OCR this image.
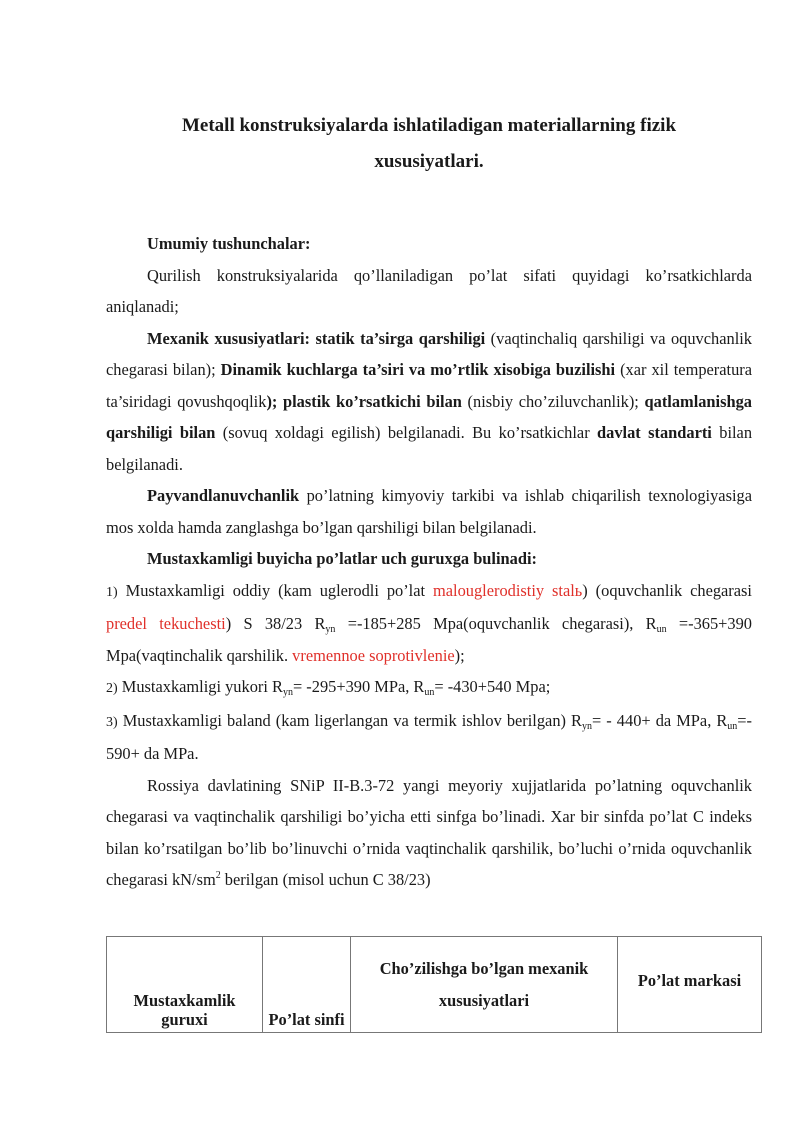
Metall konstruksiyalarda ishlatiladigan materiallarning fizik

xususiyatlari.

Umumiy tushunchalar:

Qurilish konstruksiyalarida qo’llaniladigan po’lat sifati quyidagi ko’rsatkichlarda aniqlanadi;

Mexanik xususiyatlari: statik ta’sirga qarshiligi (vaqtinchaliq qarshiligi va oquvchanlik chegarasi bilan); Dinamik kuchlarga ta’siri va mo’rtlik xisobiga buzilishi (xar xil temperatura ta’siridagi qovushqoqlik); plastik ko’rsatkichi bilan (nisbiy cho’ziluvchanlik); qatlamlanishga qarshiligi bilan (sovuq xoldagi egilish) belgilanadi. Bu ko’rsatkichlar davlat standarti bilan belgilanadi.

Payvandlanuvchanlik po’latning kimyoviy tarkibi va ishlab chiqarilish texnologiyasiga mos xolda hamda zanglashga bo’lgan qarshiligi bilan belgilanadi.

Mustaxkamligi buyicha po’latlar uch guruxga bulinadi:

1) Mustaxkamligi oddiy (kam uglerodli po’lat malouglerodistiy stalь) (oquvchanlik chegarasi predel tekuchesti) S 38/23 $R_{yn} =-185+285$ Mpa(oquvchanlik chegarasi), $R_{un} =-365+390$ Mpa(vaqtinchalik qarshilik. vremennoe soprotivlenie);

2) Mustaxkamligi yukori $R_{yn}= -295+390$ MPa, $R_{un}= -430+540$ Mpa;

3) Mustaxkamligi baland (kam ligerlangan va termik ishlov berilgan) $R_{yn}= - 440+$ da MPa, $R_{un}=-$ 590+ da MPa.

Rossiya davlatining SNiP II-B.3-72 yangi meyoriy xujjatlarida po’latning oquvchanlik chegarasi va vaqtinchalik qarshiligi bo’yicha etti sinfga bo’linadi. Xar bir sinfda po’lat C indeks bilan ko’rsatilgan bo’lib bo’linuvchi o’rnida vaqtinchalik qarshilik, bo’luchi o’rnida oquvchanlik chegarasi $kN/sm^2$ berilgan (misol uchun C 38/23)

Mustaxkamlik guruxi	Po’lat sinfi	Cho’zilishga bo’lgan mexanik xususiyatlari	Po’lat markasi
